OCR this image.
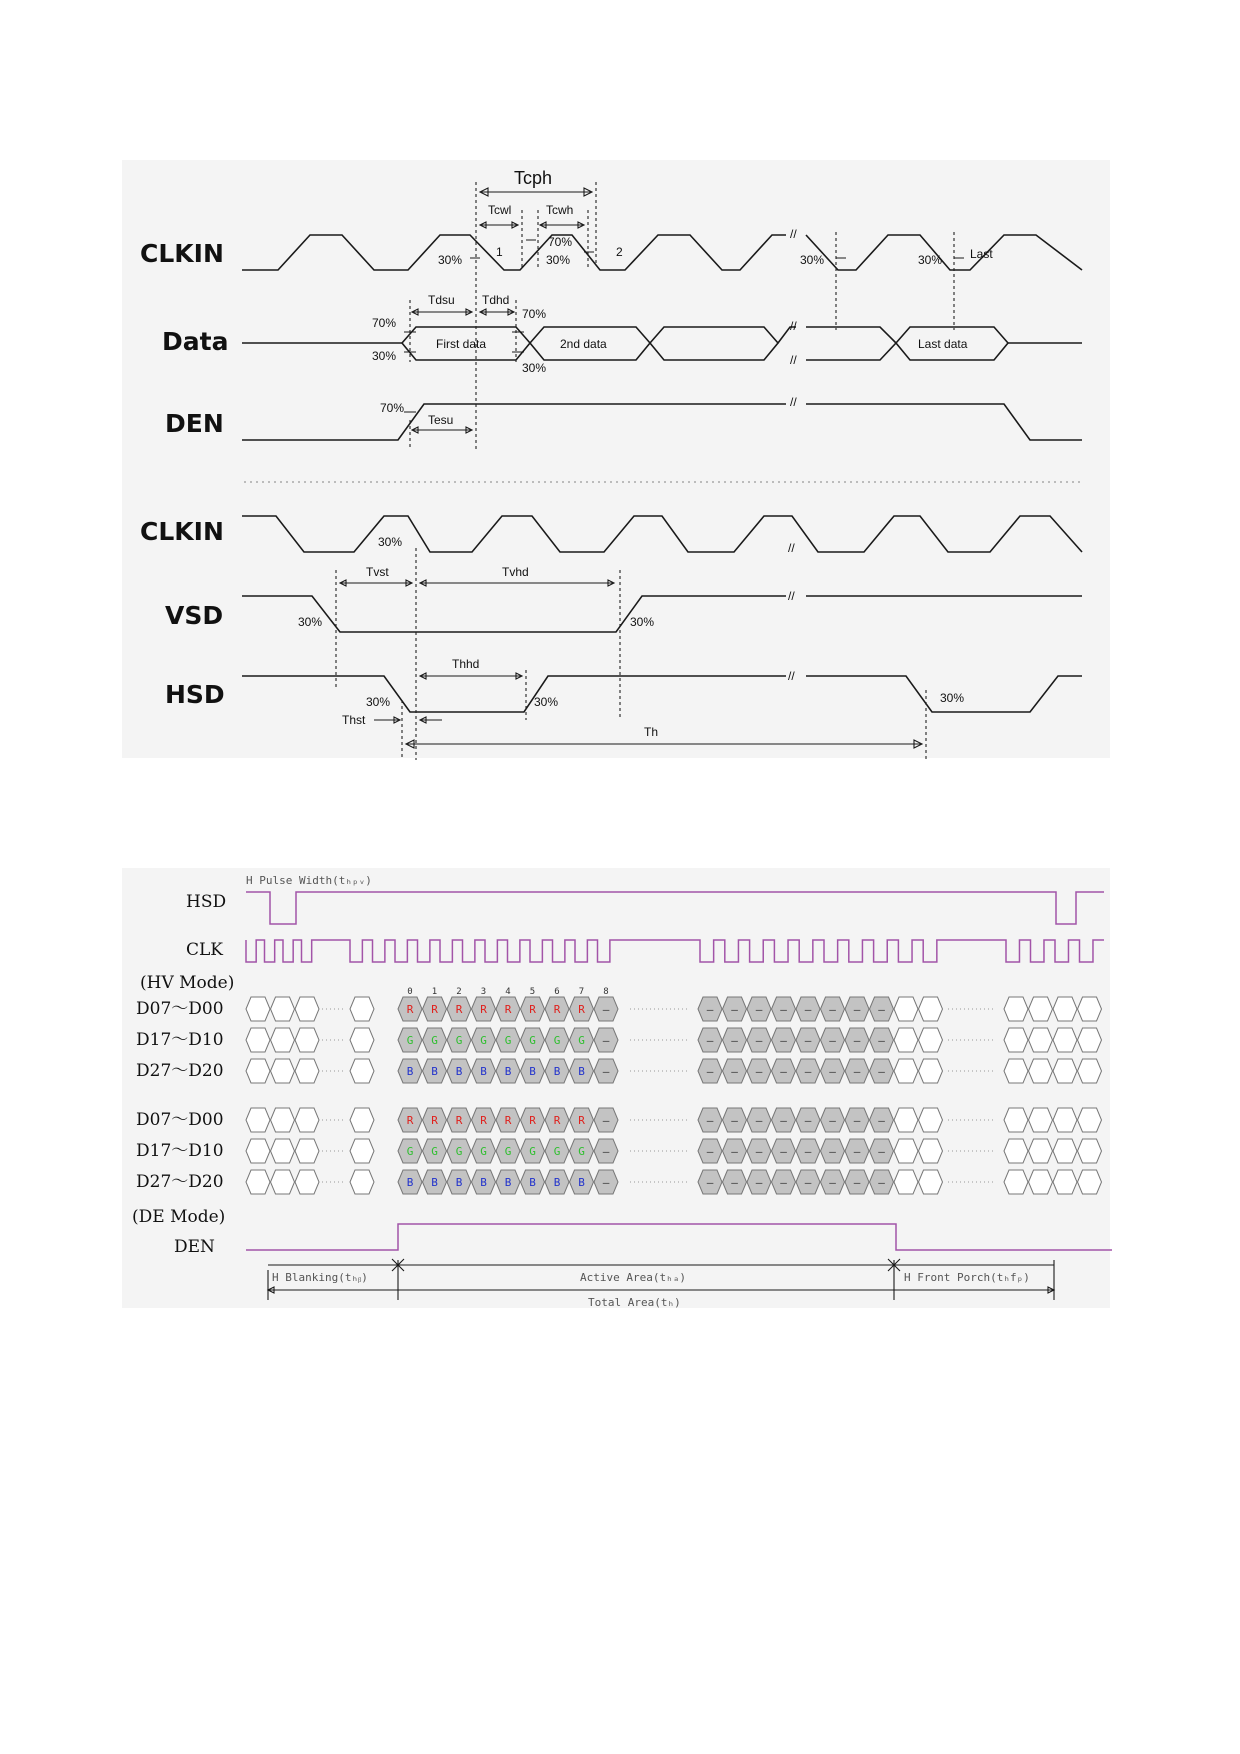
CLKIN
Data
DEN
CLKIN
VSD
HSD
Tcph
Tcwl	Tcwh
70%
30%
30%
1	2
30%	30% Last
Tdsu Tdhd
70%
30%
70%
30%
First data	2nd data	Last data
70%
Tesu
//
//
//
//
//
30%
//
30%	30%
//
30%	30%	30%
Tvst	Tvhd
Thhd
Thst
Th
H Pulse Width(tₕₚᵥ)
HSD
CLK
(HV Mode)
D07～D00
D17～D10
D27～D20
D07～D00
D17～D10
D27～D20
(DE Mode)
DEN
R R R R R R R R —	— — — — — — — —
G G G G G G G G —	— — — — — — — —
B B B B B B B B —	— — — — — — — —
R R R R R R R R —	— — — — — — — —
G G G G G G G G —	— — — — — — — —
B B B B B B B B —	— — — — — — — —
0 1 2 3 4 5 6 7 8
H Blanking(tₕᵦ)	Active Area(tₕₐ)	H Front Porch(tₕfₚ)
Total Area(tₕ)
